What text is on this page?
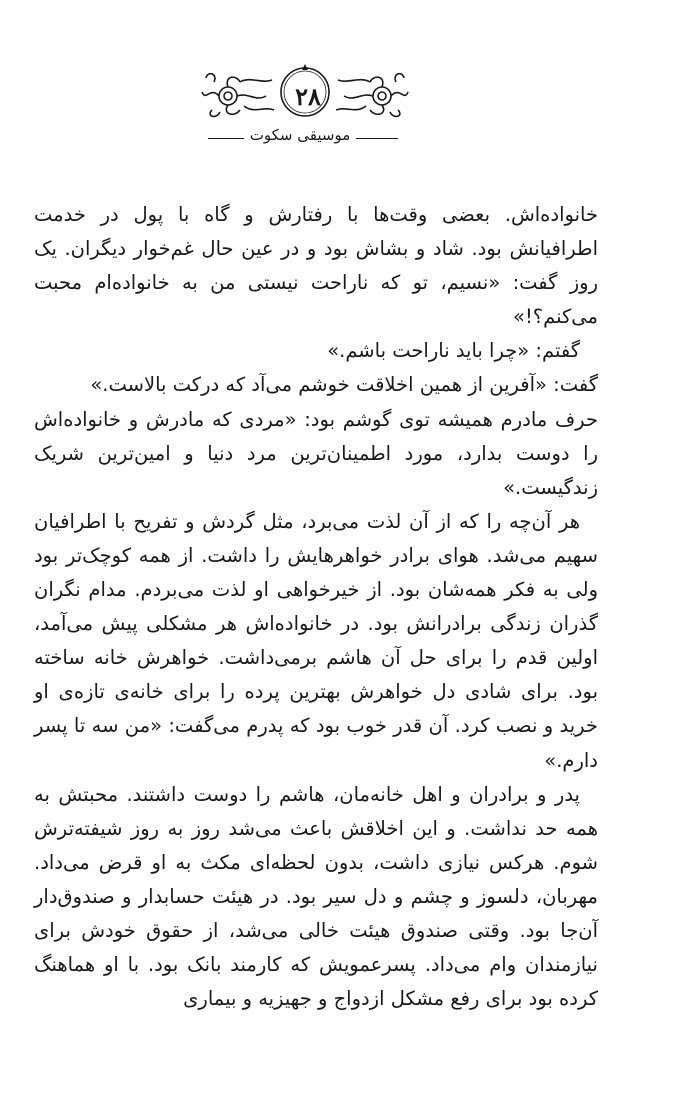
۲۸
موسیقی سکوت

خانواده‌اش. بعضی وقت‌ها با رفتارش و گاه با پول در خدمت اطرافیانش بود. شاد و بشاش بود و در عین حال غم‌خوار دیگران. یک روز گفت: «نسیم، تو که ناراحت نیستی من به خانواده‌ام محبت می‌کنم؟!»

گفتم: «چرا باید ناراحت باشم.»

گفت: «آفرین از همین اخلاقت خوشم می‌آد که درکت بالاست.»

حرف مادرم همیشه توی گوشم بود: «مردی که مادرش و خانواده‌اش را دوست بدارد، مورد اطمینان‌ترین مرد دنیا و امین‌ترین شریک زندگیست.»

هر آن‌چه را که از آن لذت می‌برد، مثل گردش و تفریح با اطرافیان سهیم می‌شد. هوای برادر خواهرهایش را داشت. از همه کوچک‌تر بود ولی به فکر همه‌شان بود. از خیرخواهی او لذت می‌بردم. مدام نگران گذران زندگی برادرانش بود. در خانواده‌اش هر مشکلی پیش می‌آمد، اولین قدم را برای حل آن هاشم برمی‌داشت. خواهرش خانه ساخته بود. برای شادی دل خواهرش بهترین پرده را برای خانه‌ی تازه‌ی او خرید و نصب کرد. آن قدر خوب بود که پدرم می‌گفت: «من سه تا پسر دارم.»

پدر و برادران و اهل خانه‌مان، هاشم را دوست داشتند. محبتش به همه حد نداشت. و این اخلاقش باعث می‌شد روز به روز شیفته‌ترش شوم. هرکس نیازی داشت، بدون لحظه‌ای مکث به او قرض می‌داد. مهربان، دلسوز و چشم و دل سیر بود. در هیئت حسابدار و صندوق‌دار آن‌جا بود. وقتی صندوق هیئت خالی می‌شد، از حقوق خودش برای نیازمندان وام می‌داد. پسرعمویش که کارمند بانک بود. با او هماهنگ کرده بود برای رفع مشکل ازدواج و جهیزیه و بیماری
